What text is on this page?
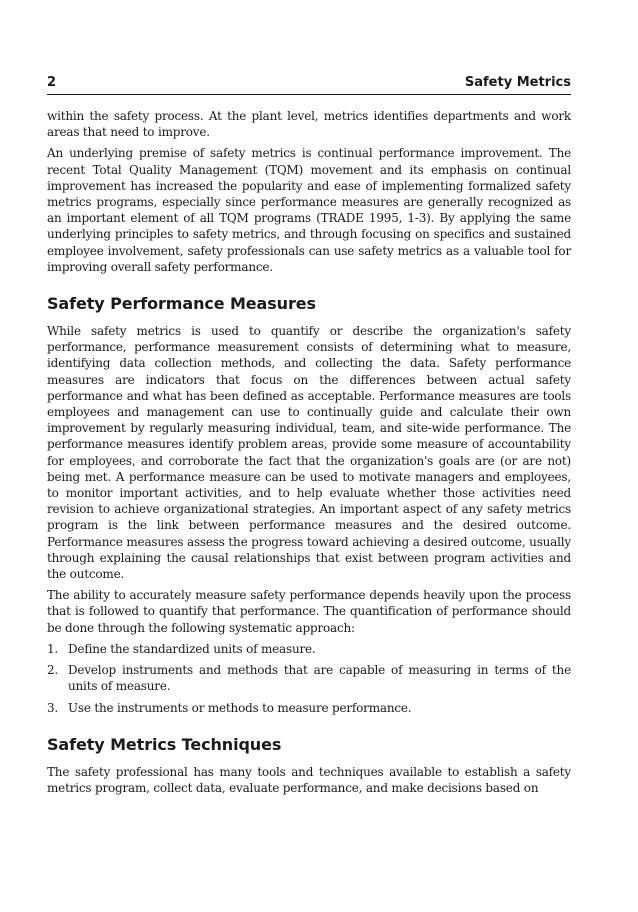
2	Safety Metrics

within the safety process. At the plant level, metrics identifies departments and work areas that need to improve.

An underlying premise of safety metrics is continual performance improvement. The recent Total Quality Management (TQM) movement and its emphasis on continual improvement has increased the popularity and ease of implementing formalized safety metrics programs, especially since performance measures are generally recognized as an important element of all TQM programs (TRADE 1995, 1-3). By applying the same underlying principles to safety metrics, and through focusing on specifics and sustained employee involvement, safety professionals can use safety metrics as a valuable tool for improving overall safety performance.

Safety Performance Measures

While safety metrics is used to quantify or describe the organization's safety performance, performance measurement consists of determining what to measure, identifying data collection methods, and collecting the data. Safety performance measures are indicators that focus on the differences between actual safety performance and what has been defined as acceptable. Performance measures are tools employees and management can use to continually guide and calculate their own improvement by regularly measuring individual, team, and site-wide performance. The performance measures identify problem areas, provide some measure of accountability for employees, and corroborate the fact that the organization's goals are (or are not) being met. A performance measure can be used to motivate managers and employees, to monitor important activities, and to help evaluate whether those activities need revision to achieve organizational strategies. An important aspect of any safety metrics program is the link between performance measures and the desired outcome. Performance measures assess the progress toward achieving a desired outcome, usually through explaining the causal relationships that exist between program activities and the outcome.

The ability to accurately measure safety performance depends heavily upon the process that is followed to quantify that performance. The quantification of performance should be done through the following systematic approach:

1. Define the standardized units of measure.
2. Develop instruments and methods that are capable of measuring in terms of the units of measure.
3. Use the instruments or methods to measure performance.
Safety Metrics Techniques

The safety professional has many tools and techniques available to establish a safety metrics program, collect data, evaluate performance, and make decisions based on
